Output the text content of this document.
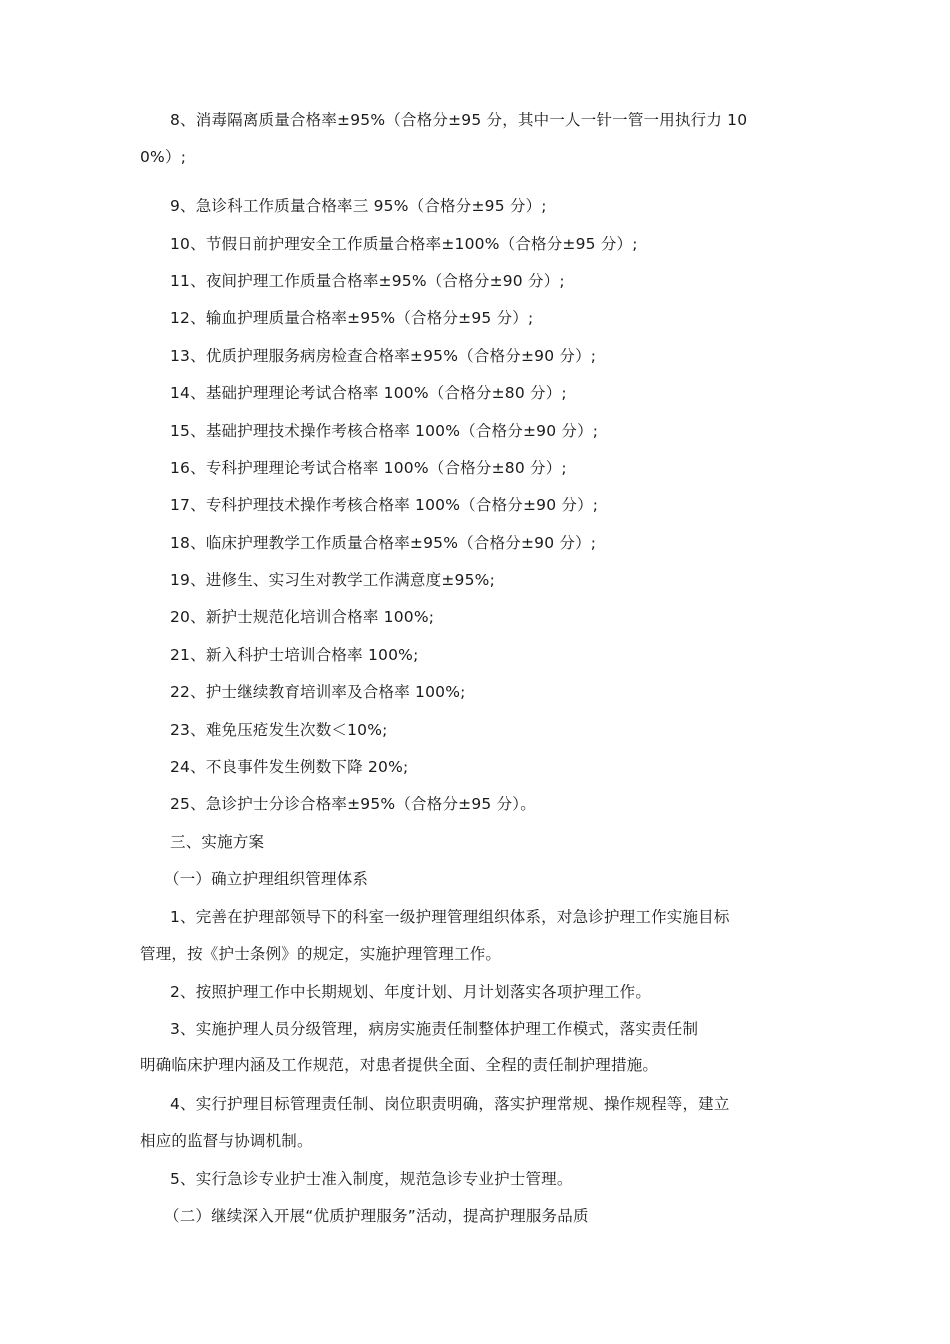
8、消毒隔离质量合格率±95%（合格分±95 分，其中一人一针一管一用执行力 10
0%）;
9、急诊科工作质量合格率三 95%（合格分±95 分）;
10、节假日前护理安全工作质量合格率±100%（合格分±95 分）;
11、夜间护理工作质量合格率±95%（合格分±90 分）;
12、输血护理质量合格率±95%（合格分±95 分）;
13、优质护理服务病房检查合格率±95%（合格分±90 分）;
14、基础护理理论考试合格率 100%（合格分±80 分）;
15、基础护理技术操作考核合格率 100%（合格分±90 分）;
16、专科护理理论考试合格率 100%（合格分±80 分）;
17、专科护理技术操作考核合格率 100%（合格分±90 分）;
18、临床护理教学工作质量合格率±95%（合格分±90 分）;
19、进修生、实习生对教学工作满意度±95%;
20、新护士规范化培训合格率 100%;
21、新入科护士培训合格率 100%;
22、护士继续教育培训率及合格率 100%;
23、难免压疮发生次数＜10%;
24、不良事件发生例数下降 20%;
25、急诊护士分诊合格率±95%（合格分±95 分）。
三、实施方案
（一）确立护理组织管理体系
1、完善在护理部领导下的科室一级护理管理组织体系，对急诊护理工作实施目标
管理，按《护士条例》的规定，实施护理管理工作。
2、按照护理工作中长期规划、年度计划、月计划落实各项护理工作。
3、实施护理人员分级管理，病房实施责任制整体护理工作模式，落实责任制
明确临床护理内涵及工作规范，对患者提供全面、全程的责任制护理措施。
4、实行护理目标管理责任制、岗位职责明确，落实护理常规、操作规程等，建立
相应的监督与协调机制。
5、实行急诊专业护士准入制度，规范急诊专业护士管理。
（二）继续深入开展“优质护理服务”活动，提高护理服务品质
